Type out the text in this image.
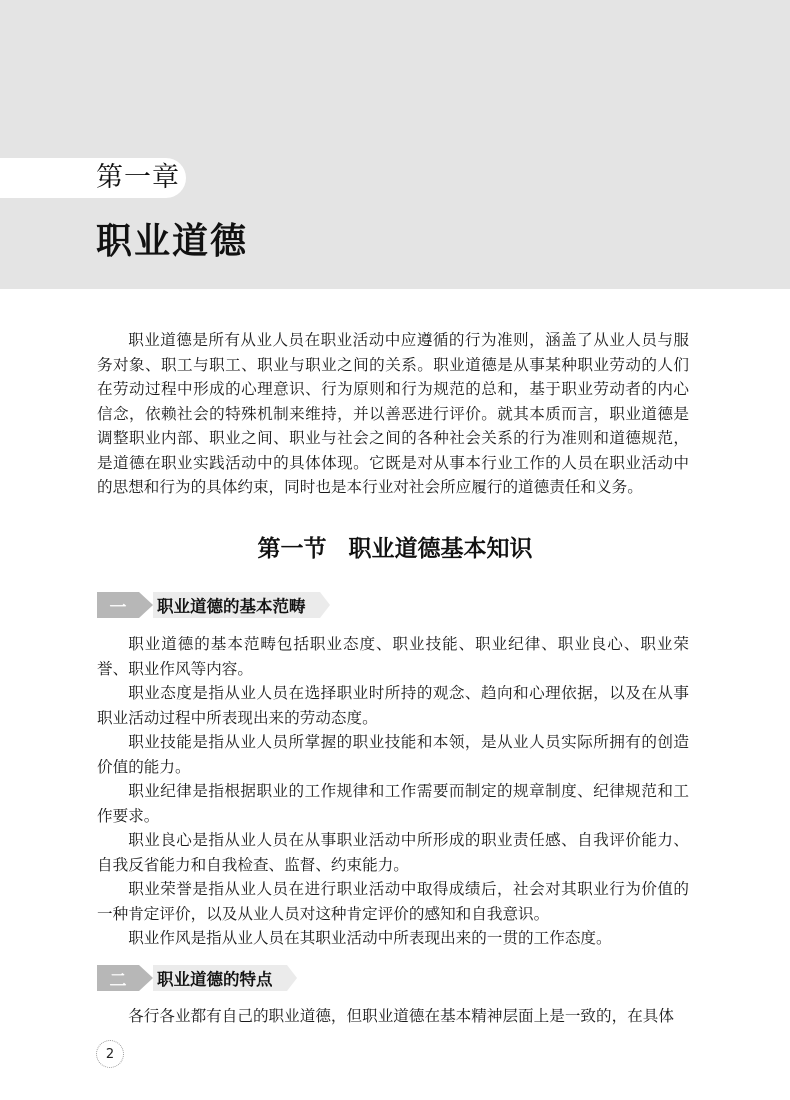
第一章
职业道德

职业道德是所有从业人员在职业活动中应遵循的行为准则，涵盖了从业人员与服务对象、职工与职工、职业与职业之间的关系。职业道德是从事某种职业劳动的人们在劳动过程中形成的心理意识、行为原则和行为规范的总和，基于职业劳动者的内心信念，依赖社会的特殊机制来维持，并以善恶进行评价。就其本质而言，职业道德是调整职业内部、职业之间、职业与社会之间的各种社会关系的行为准则和道德规范，是道德在职业实践活动中的具体体现。它既是对从事本行业工作的人员在职业活动中的思想和行为的具体约束，同时也是本行业对社会所应履行的道德责任和义务。

第一节 职业道德基本知识
一	职业道德的基本范畴

职业道德的基本范畴包括职业态度、职业技能、职业纪律、职业良心、职业荣誉、职业作风等内容。

职业态度是指从业人员在选择职业时所持的观念、趋向和心理依据，以及在从事职业活动过程中所表现出来的劳动态度。

职业技能是指从业人员所掌握的职业技能和本领，是从业人员实际所拥有的创造价值的能力。

职业纪律是指根据职业的工作规律和工作需要而制定的规章制度、纪律规范和工作要求。

职业良心是指从业人员在从事职业活动中所形成的职业责任感、自我评价能力、自我反省能力和自我检查、监督、约束能力。

职业荣誉是指从业人员在进行职业活动中取得成绩后，社会对其职业行为价值的一种肯定评价，以及从业人员对这种肯定评价的感知和自我意识。

职业作风是指从业人员在其职业活动中所表现出来的一贯的工作态度。

二	职业道德的特点

各行各业都有自己的职业道德，但职业道德在基本精神层面上是一致的，在具体

2
